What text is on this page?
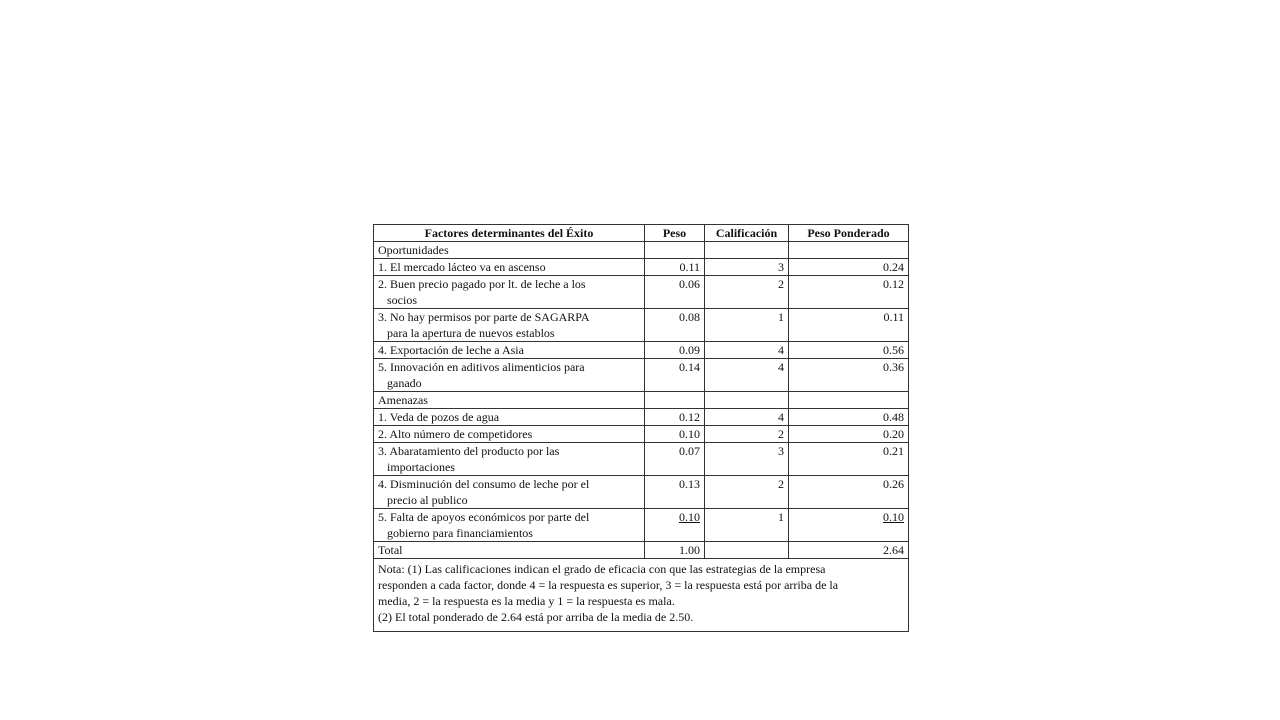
Factores determinantes del Éxito	Peso	Calificación	Peso Ponderado
Oportunidades			

1. El mercado lácteo va en ascenso	0.11	3	0.24

2. Buen precio pagado por lt. de leche a los
socios	0.06	2	0.12

3. No hay permisos por parte de SAGARPA
para la apertura de nuevos establos	0.08	1	0.11

4. Exportación de leche a Asia	0.09	4	0.56

5. Innovación en aditivos alimenticios para
ganado	0.14	4	0.36
Amenazas			

1. Veda de pozos de agua	0.12	4	0.48

2. Alto número de competidores	0.10	2	0.20

3. Abaratamiento del producto por las
importaciones	0.07	3	0.21

4. Disminución del consumo de leche por el
precio al publico	0.13	2	0.26

5. Falta de apoyos económicos por parte del
gobierno para financiamientos	0.10	1	0.10
Total	1.00		2.64

Nota: (1) Las calificaciones indican el grado de eficacia con que las estrategias de la empresa
responden a cada factor, donde 4 = la respuesta es superior, 3 = la respuesta está por arriba de la
media, 2 = la respuesta es la media y 1 = la respuesta es mala.
(2) El total ponderado de 2.64 está por arriba de la media de 2.50.			
